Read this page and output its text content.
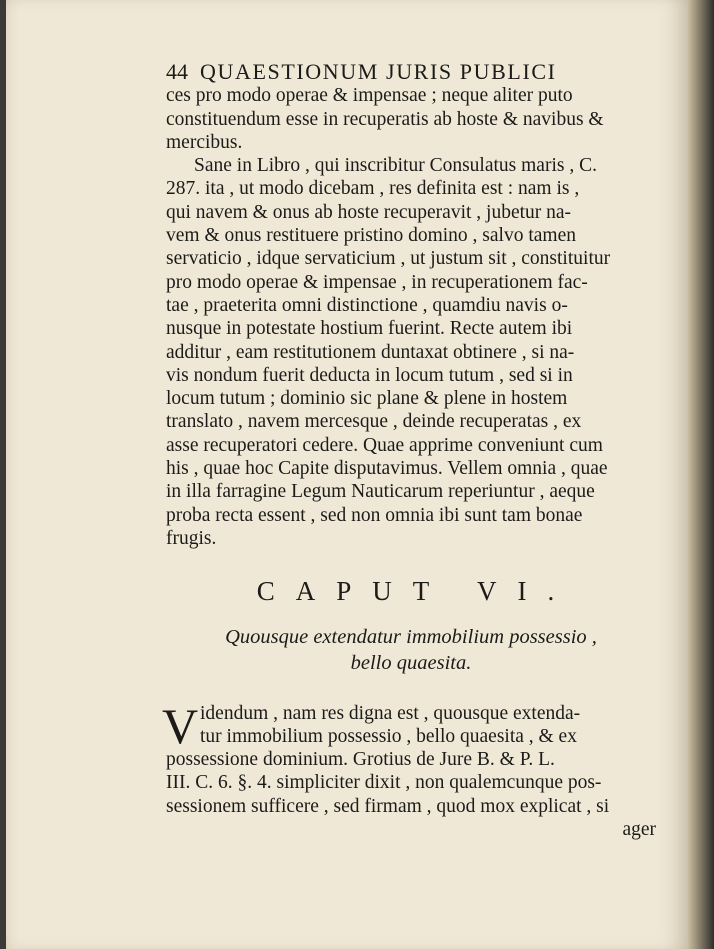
44 QUAESTIONUM JURIS PUBLICI
ces pro modo operae & impensae ; neque aliter puto
constituendum esse in recuperatis ab hoste & navibus &
mercibus.
Sane in Libro , qui inscribitur Consulatus maris , C.
287. ita , ut modo dicebam , res definita est : nam is ,
qui navem & onus ab hoste recuperavit , jubetur na-
vem & onus restituere pristino domino , salvo tamen
servaticio , idque servaticium , ut justum sit , constituitur
pro modo operae & impensae , in recuperationem fac-
tae , praeterita omni distinctione , quamdiu navis o-
nusque in potestate hostium fuerint. Recte autem ibi
additur , eam restitutionem duntaxat obtinere , si na-
vis nondum fuerit deducta in locum tutum , sed si in
locum tutum ; dominio sic plane & plene in hostem
translato , navem mercesque , deinde recuperatas , ex
asse recuperatori cedere. Quae apprime conveniunt cum
his , quae hoc Capite disputavimus. Vellem omnia , quae
in illa farragine Legum Nauticarum reperiuntur , aeque
proba recta essent , sed non omnia ibi sunt tam bonae
frugis.
CAPUT VI.
Quousque extendatur immobilium possessio ,
bello quaesita.
V idendum , nam res digna est , quousque extenda-
tur immobilium possessio , bello quaesita , & ex
possessione dominium. Grotius de Jure B. & P. L.
III. C. 6. §. 4. simpliciter dixit , non qualemcunque pos-
sessionem sufficere , sed firmam , quod mox explicat , si
ager
